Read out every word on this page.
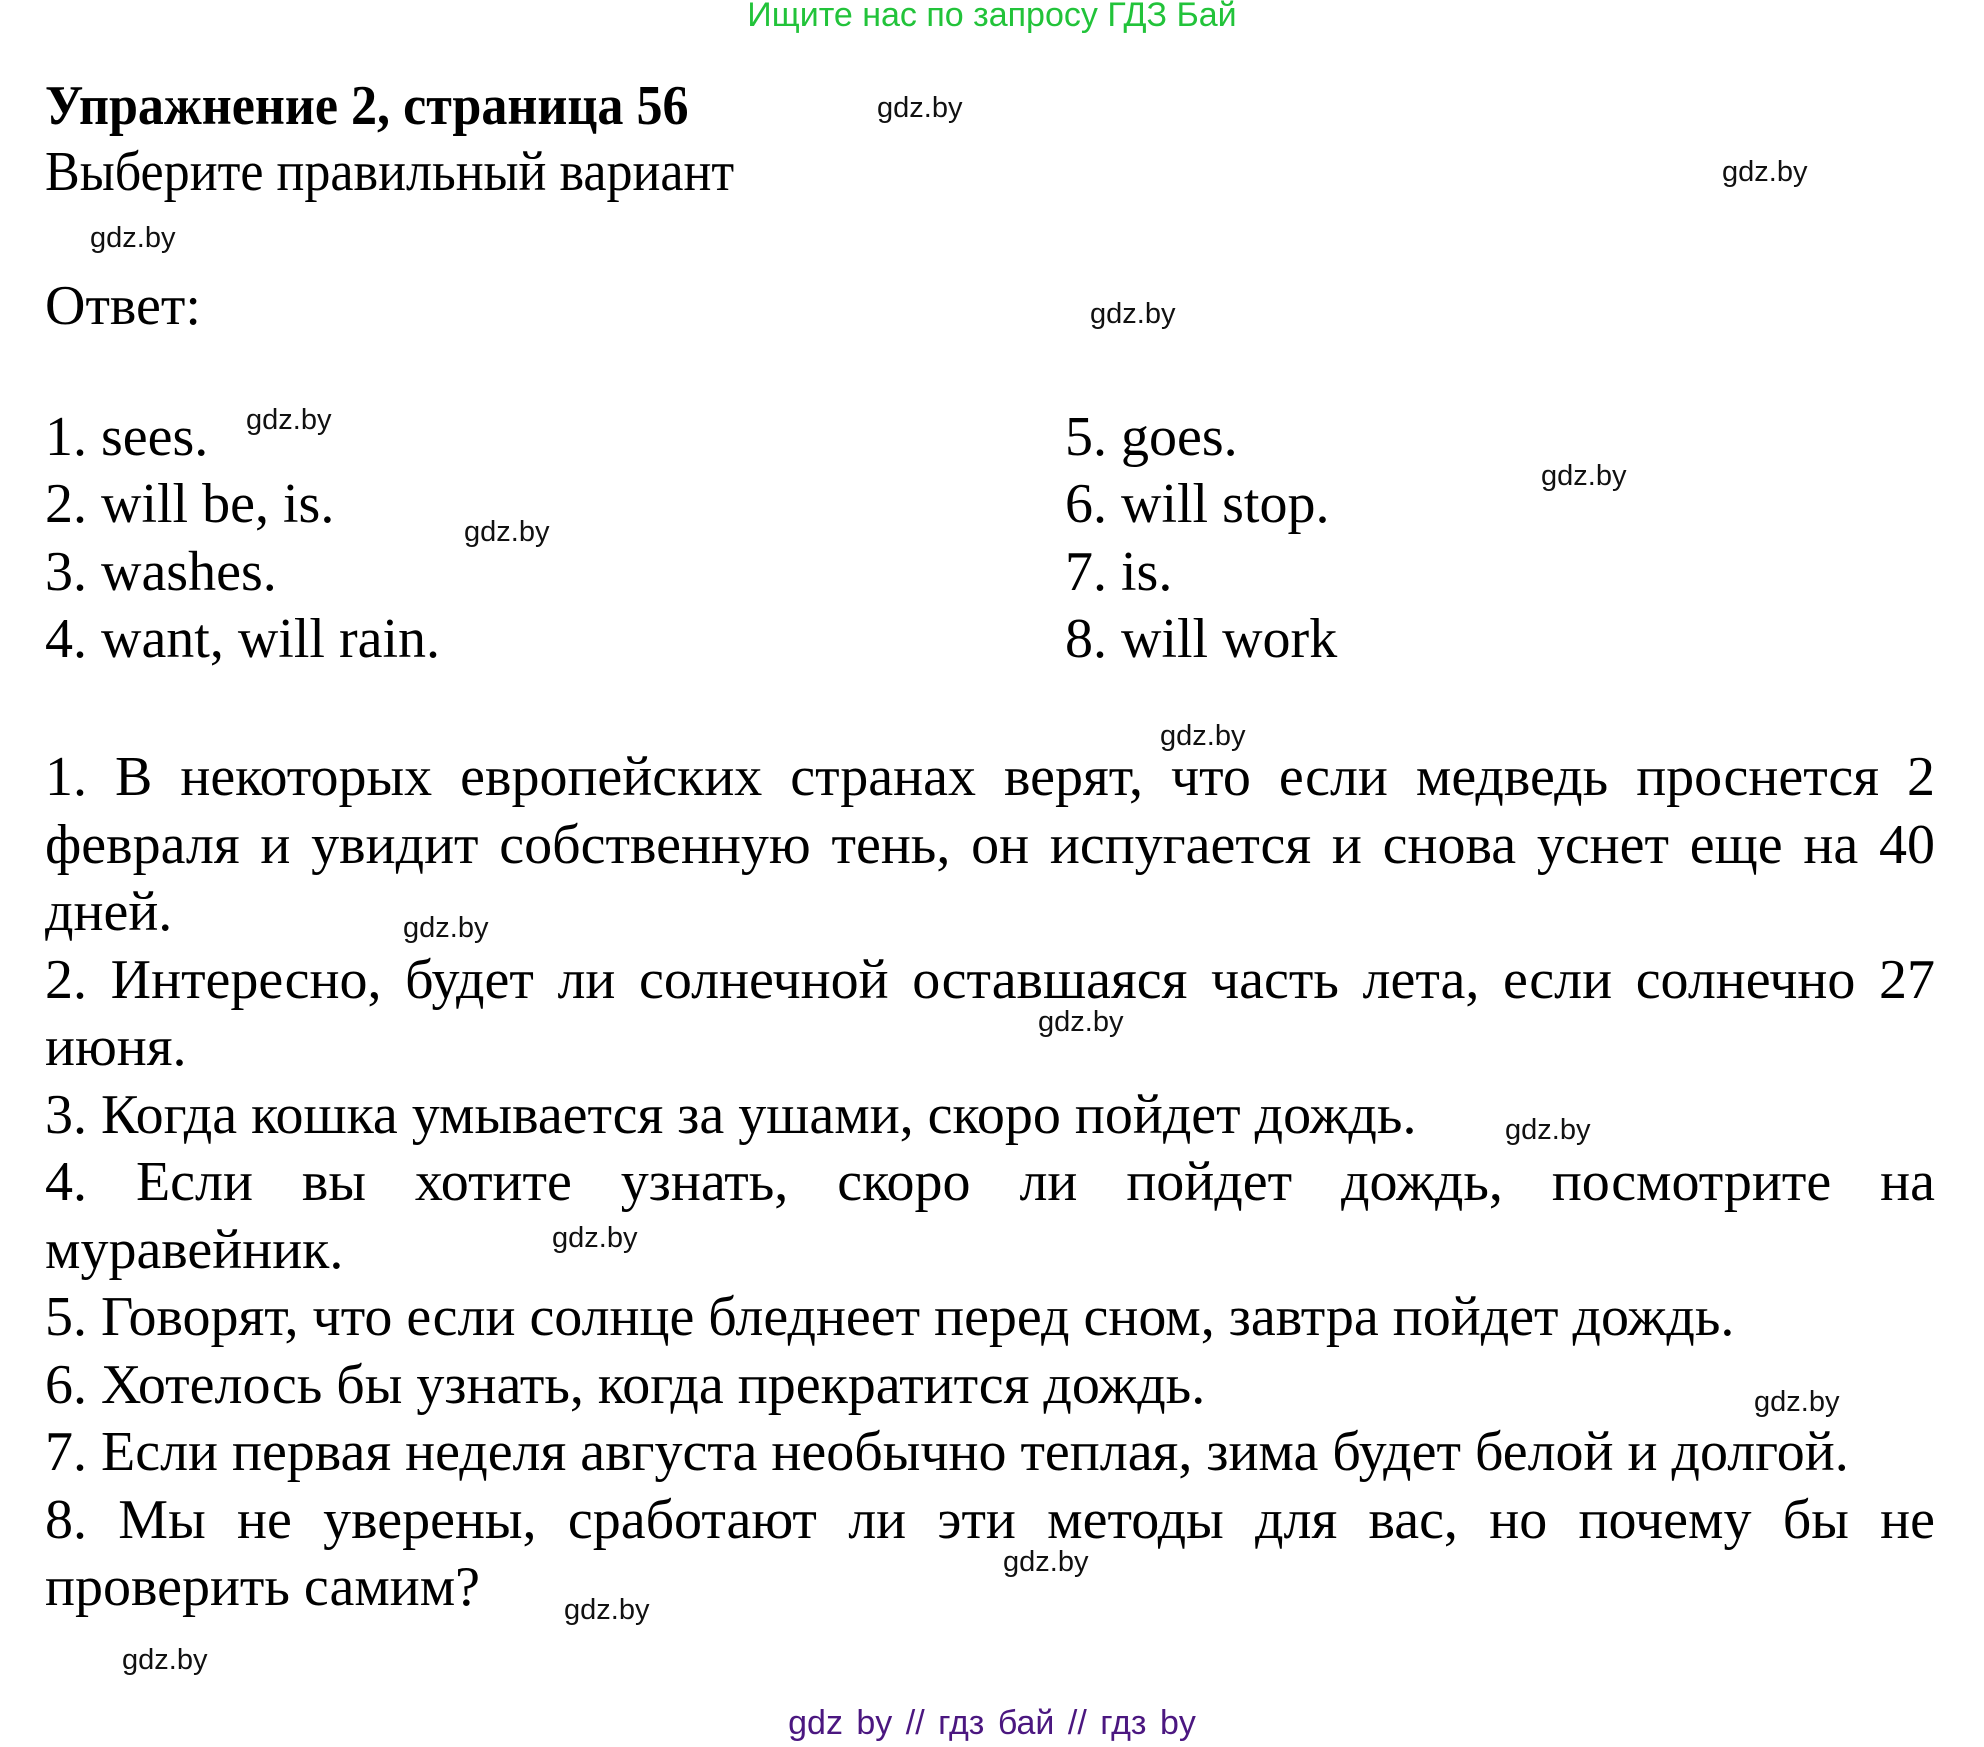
Ищите нас по запросу ГДЗ Бай
Упражнение 2, страница 56
Выберите правильный вариант
Ответ:
1. sees.
2. will be, is.
3. washes.
4. want, will rain.
5. goes.
6. will stop.
7. is.
8. will work
1. В некоторых европейских странах верят, что если медведь проснется 2
февраля и увидит собственную тень, он испугается и снова уснет еще на 40
дней.
2. Интересно, будет ли солнечной оставшаяся часть лета, если солнечно 27
июня.
3. Когда кошка умывается за ушами, скоро пойдет дождь.
4. Если вы хотите узнать, скоро ли пойдет дождь, посмотрите на
муравейник.
5. Говорят, что если солнце бледнеет перед сном, завтра пойдет дождь.
6. Хотелось бы узнать, когда прекратится дождь.
7. Если первая неделя августа необычно теплая, зима будет белой и долгой.
8. Мы не уверены, сработают ли эти методы для вас, но почему бы не
проверить самим?
gdz.by
gdz.by
gdz.by
gdz.by
gdz.by
gdz.by
gdz.by
gdz.by
gdz.by
gdz.by
gdz.by
gdz.by
gdz.by
gdz.by
gdz.by
gdz.by
gdz by // гдз бай // гдз by
